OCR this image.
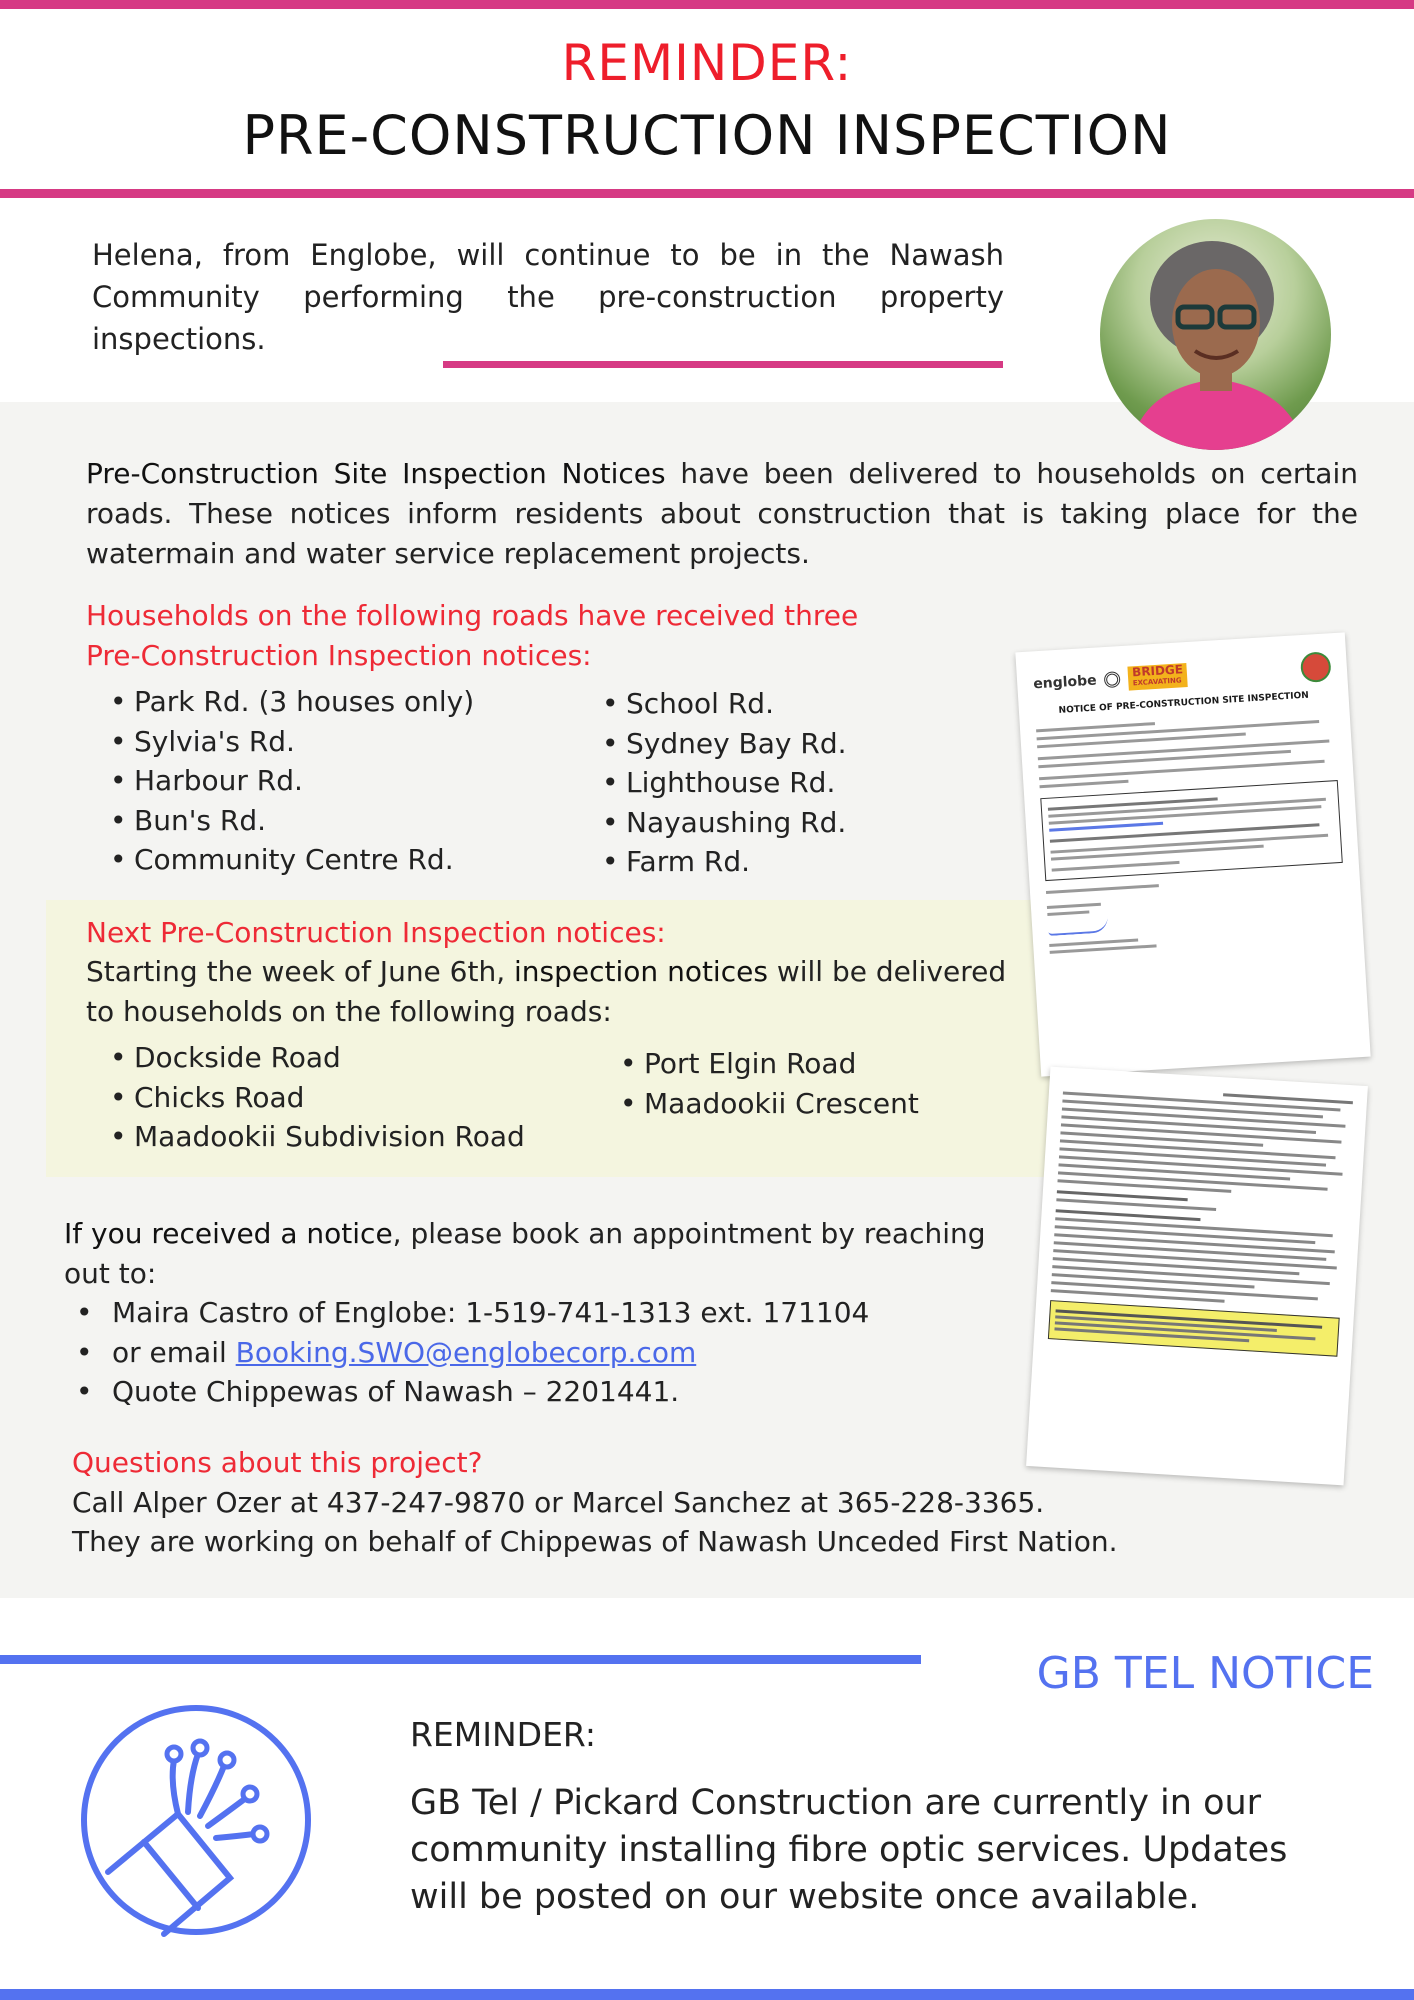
REMINDER:
PRE-CONSTRUCTION INSPECTION
Helena, from Englobe, will continue to be in the Nawash Community performing the pre-construction property inspections.
Pre-Construction Site Inspection Notices have been delivered to households on certain roads. These notices inform residents about construction that is taking place for the watermain and water service replacement projects.
Households on the following roads have received three
Pre-Construction Inspection notices:
• Park Rd. (3 houses only)
• Sylvia's Rd.
• Harbour Rd.
• Bun's Rd.
• Community Centre Rd.
• School Rd.
• Sydney Bay Rd.
• Lighthouse Rd.
• Nayaushing Rd.
• Farm Rd.
Next Pre-Construction Inspection notices:
Starting the week of June 6th, inspection notices will be delivered
to households on the following roads:
• Dockside Road
• Chicks Road
• Maadookii Subdivision Road
• Port Elgin Road
• Maadookii Crescent
If you received a notice, please book an appointment by reaching
out to:
• Maira Castro of Englobe: 1-519-741-1313 ext. 171104
• or email Booking.SWO@englobecorp.com
• Quote Chippewas of Nawash – 2201441.
Questions about this project?
Call Alper Ozer at 437-247-9870 or Marcel Sanchez at 365-228-3365.
They are working on behalf of Chippewas of Nawash Unceded First Nation.
englobe
BRIDGE
EXCAVATING
NOTICE OF PRE-CONSTRUCTION SITE INSPECTION
GB TEL NOTICE
REMINDER:
GB Tel / Pickard Construction are currently in our community installing fibre optic services. Updates will be posted on our website once available.
